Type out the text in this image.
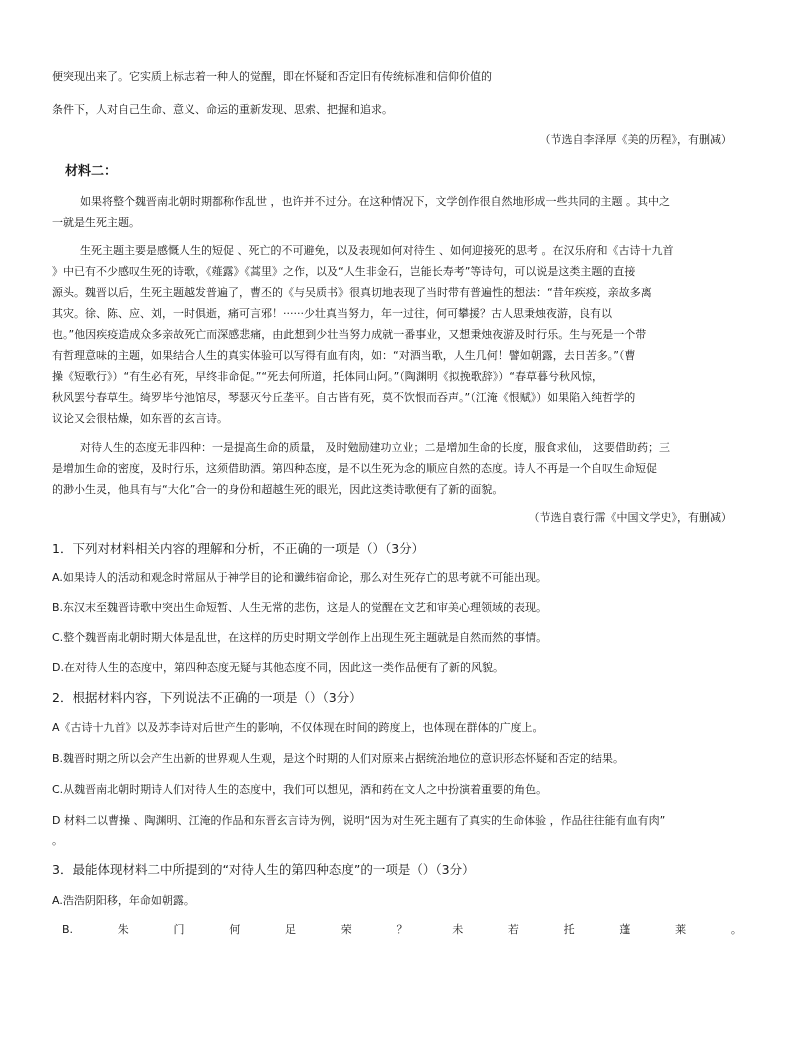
便突现出来了。它实质上标志着一种人的觉醒，即在怀疑和否定旧有传统标准和信仰价值的
条件下，人对自己生命、意义、命运的重新发现、思索、把握和追求。
（节选自李泽厚《美的历程》，有删减）
材料二：
如果将整个魏晋南北朝时期都称作乱世 ，也许并不过分。在这种情况下，文学创作很自然地形成一些共同的主题 。其中之
一就是生死主题。
生死主题主要是感慨人生的短促 、死亡的不可避免，以及表现如何对待生 、如何迎接死的思考 。在汉乐府和《古诗十九首
》中已有不少感叹生死的诗歌，《薤露》《蒿里》之作，以及“人生非金石，岂能长寿考”等诗句，可以说是这类主题的直接
源头。魏晋以后，生死主题越发普遍了，曹丕的《与吴质书》很真切地表现了当时带有普遍性的想法：“昔年疾疫，亲故多离
其灾。徐、陈、应、刘，一时俱逝，痛可言邪！······少壮真当努力，年一过往，何可攀援？古人思秉烛夜游，良有以
也。”他因疾疫造成众多亲故死亡而深感悲痛，由此想到少壮当努力成就一番事业，又想秉烛夜游及时行乐。生与死是一个带
有哲理意味的主题，如果结合人生的真实体验可以写得有血有肉，如：“对酒当歌，人生几何！譬如朝露，去日苦多。”（曹
操《短歌行》）“有生必有死，早终非命促。”“死去何所道，托体同山阿。”（陶渊明《拟挽歌辞》）“春草暮兮秋风惊，
秋风罢兮春草生。绮罗毕兮池馆尽，琴瑟灭兮丘垄平。自古皆有死，莫不饮恨而吞声。”（江淹《恨赋》）如果陷入纯哲学的
议论又会很枯燥，如东晋的玄言诗。
对待人生的态度无非四种：一是提高生命的质量， 及时勉励建功立业；二是增加生命的长度，服食求仙， 这要借助药；三
是增加生命的密度，及时行乐，这须借助酒。第四种态度，是不以生死为念的顺应自然的态度。诗人不再是一个自叹生命短促
的渺小生灵，他具有与“大化”合一的身份和超越生死的眼光，因此这类诗歌便有了新的面貌。
（节选自袁行霈《中国文学史》，有删减）
1．下列对材料相关内容的理解和分析，不正确的一项是（）（3分）
A.如果诗人的活动和观念时常屈从于神学目的论和谶纬宿命论，那么对生死存亡的思考就不可能出现。
B.东汉末至魏晋诗歌中突出生命短暂、人生无常的悲伤，这是人的觉醒在文艺和审美心理领域的表现。
C.整个魏晋南北朝时期大体是乱世，在这样的历史时期文学创作上出现生死主题就是自然而然的事情。
D.在对待人生的态度中，第四种态度无疑与其他态度不同，因此这一类作品便有了新的风貌。
2．根据材料内容，下列说法不正确的一项是（）（3分）
A《古诗十九首》以及苏李诗对后世产生的影响，不仅体现在时间的跨度上，也体现在群体的广度上。
B.魏晋时期之所以会产生出新的世界观人生观，是这个时期的人们对原来占据统治地位的意识形态怀疑和否定的结果。
C.从魏晋南北朝时期诗人们对待人生的态度中，我们可以想见，酒和药在文人之中扮演着重要的角色。
D 材料二以曹操 、陶渊明、江淹的作品和东晋玄言诗为例，说明“因为对生死主题有了真实的生命体验 ，作品往往能有血有肉”
。
3．最能体现材料二中所提到的“对待人生的第四种态度”的一项是（）（3分）
A.浩浩阴阳移，年命如朝露。
B.	朱	门	何	足	荣	？	未	若	托	蓬	莱	。
